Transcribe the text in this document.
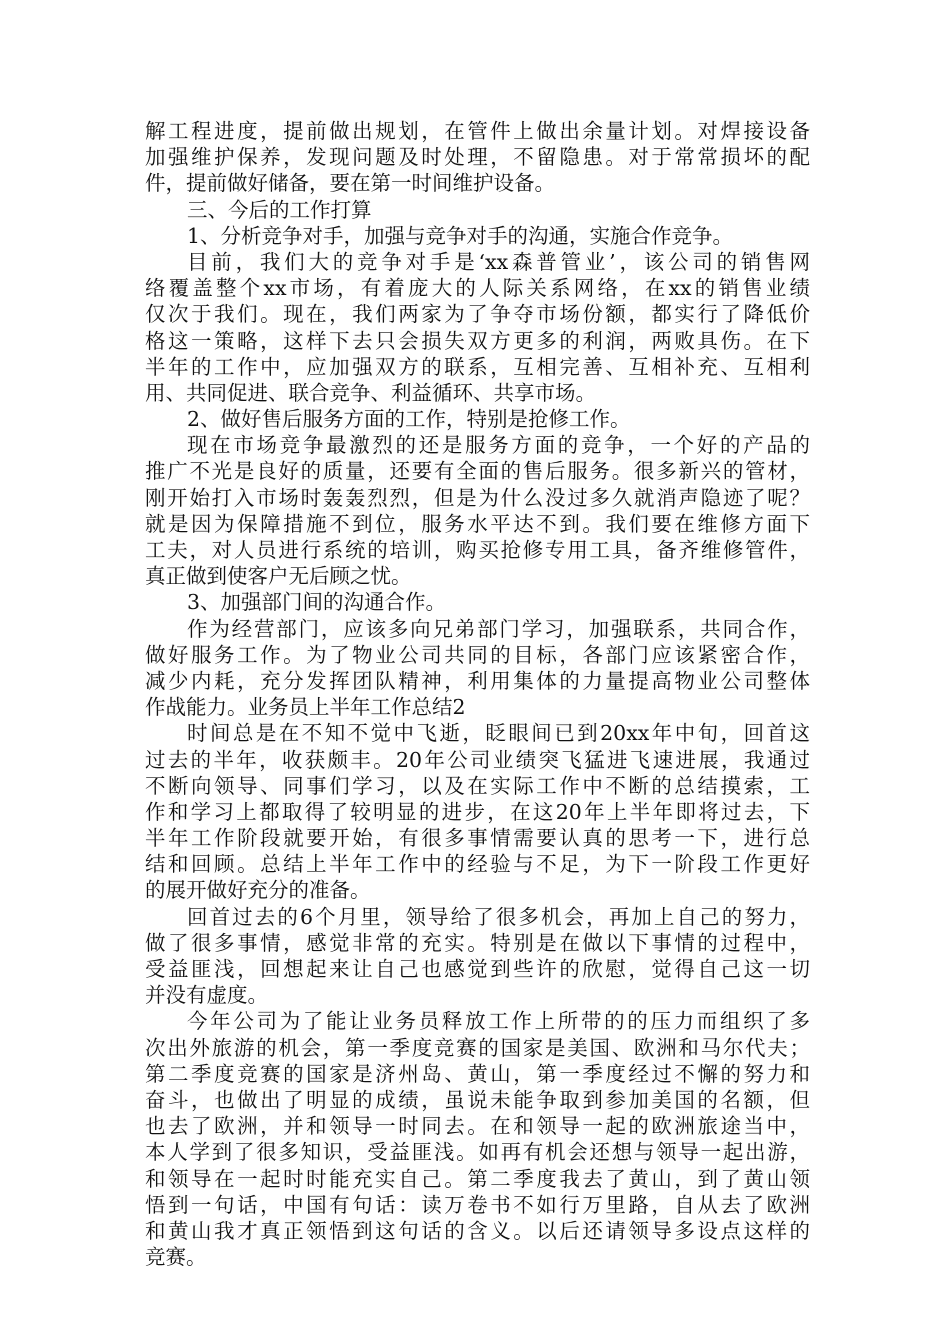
解工程进度，提前做出规划，在管件上做出余量计划。对焊接设备
加强维护保养，发现问题及时处理，不留隐患。对于常常损坏的配
件，提前做好储备，要在第一时间维护设备。
三、今后的工作打算
1、分析竞争对手，加强与竞争对手的沟通，实施合作竞争。
目前，我们大的竞争对手是‘xx森普管业’，该公司的销售网
络覆盖整个xx市场，有着庞大的人际关系网络，在xx的销售业绩
仅次于我们。现在，我们两家为了争夺市场份额，都实行了降低价
格这一策略，这样下去只会损失双方更多的利润，两败具伤。在下
半年的工作中，应加强双方的联系，互相完善、互相补充、互相利
用、共同促进、联合竞争、利益循环、共享市场。
2、做好售后服务方面的工作，特别是抢修工作。
现在市场竞争最激烈的还是服务方面的竞争，一个好的产品的
推广不光是良好的质量，还要有全面的售后服务。很多新兴的管材，
刚开始打入市场时轰轰烈烈，但是为什么没过多久就消声隐迹了呢？
就是因为保障措施不到位，服务水平达不到。我们要在维修方面下
工夫，对人员进行系统的培训，购买抢修专用工具，备齐维修管件，
真正做到使客户无后顾之忧。
3、加强部门间的沟通合作。
作为经营部门，应该多向兄弟部门学习，加强联系，共同合作，
做好服务工作。为了物业公司共同的目标，各部门应该紧密合作，
减少内耗，充分发挥团队精神，利用集体的力量提高物业公司整体
作战能力。业务员上半年工作总结2
时间总是在不知不觉中飞逝，眨眼间已到20xx年中旬，回首这
过去的半年，收获颇丰。20年公司业绩突飞猛进飞速进展，我通过
不断向领导、同事们学习，以及在实际工作中不断的总结摸索，工
作和学习上都取得了较明显的进步，在这20年上半年即将过去，下
半年工作阶段就要开始，有很多事情需要认真的思考一下，进行总
结和回顾。总结上半年工作中的经验与不足，为下一阶段工作更好
的展开做好充分的准备。
回首过去的6个月里，领导给了很多机会，再加上自己的努力，
做了很多事情，感觉非常的充实。特别是在做以下事情的过程中，
受益匪浅，回想起来让自己也感觉到些许的欣慰，觉得自己这一切
并没有虚度。
今年公司为了能让业务员释放工作上所带的的压力而组织了多
次出外旅游的机会，第一季度竞赛的国家是美国、欧洲和马尔代夫；
第二季度竞赛的国家是济州岛、黄山，第一季度经过不懈的努力和
奋斗，也做出了明显的成绩，虽说未能争取到参加美国的名额，但
也去了欧洲，并和领导一时同去。在和领导一起的欧洲旅途当中，
本人学到了很多知识，受益匪浅。如再有机会还想与领导一起出游，
和领导在一起时时能充实自己。第二季度我去了黄山，到了黄山领
悟到一句话，中国有句话：读万卷书不如行万里路，自从去了欧洲
和黄山我才真正领悟到这句话的含义。以后还请领导多设点这样的
竞赛。
